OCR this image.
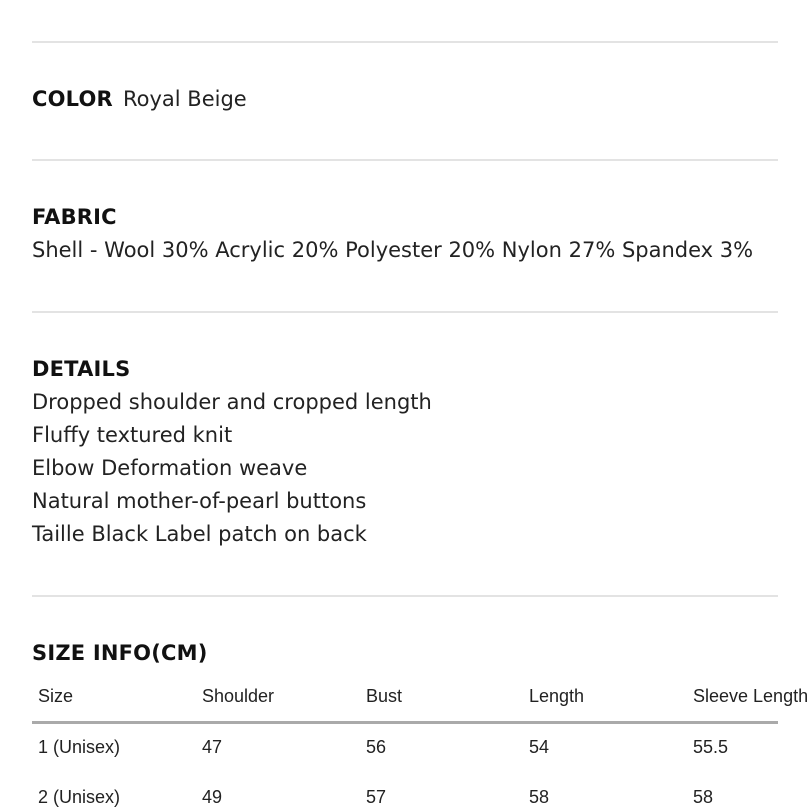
COLOR Royal Beige
FABRIC
Shell - Wool 30% Acrylic 20% Polyester 20% Nylon 27% Spandex 3%
DETAILS
Dropped shoulder and cropped length
Fluffy textured knit
Elbow Deformation weave
Natural mother-of-pearl buttons
Taille Black Label patch on back
SIZE INFO(CM)
Size	Shoulder	Bust	Length	Sleeve Length
1 (Unisex)	47	56	54	55.5
2 (Unisex)	49	57	58	58
